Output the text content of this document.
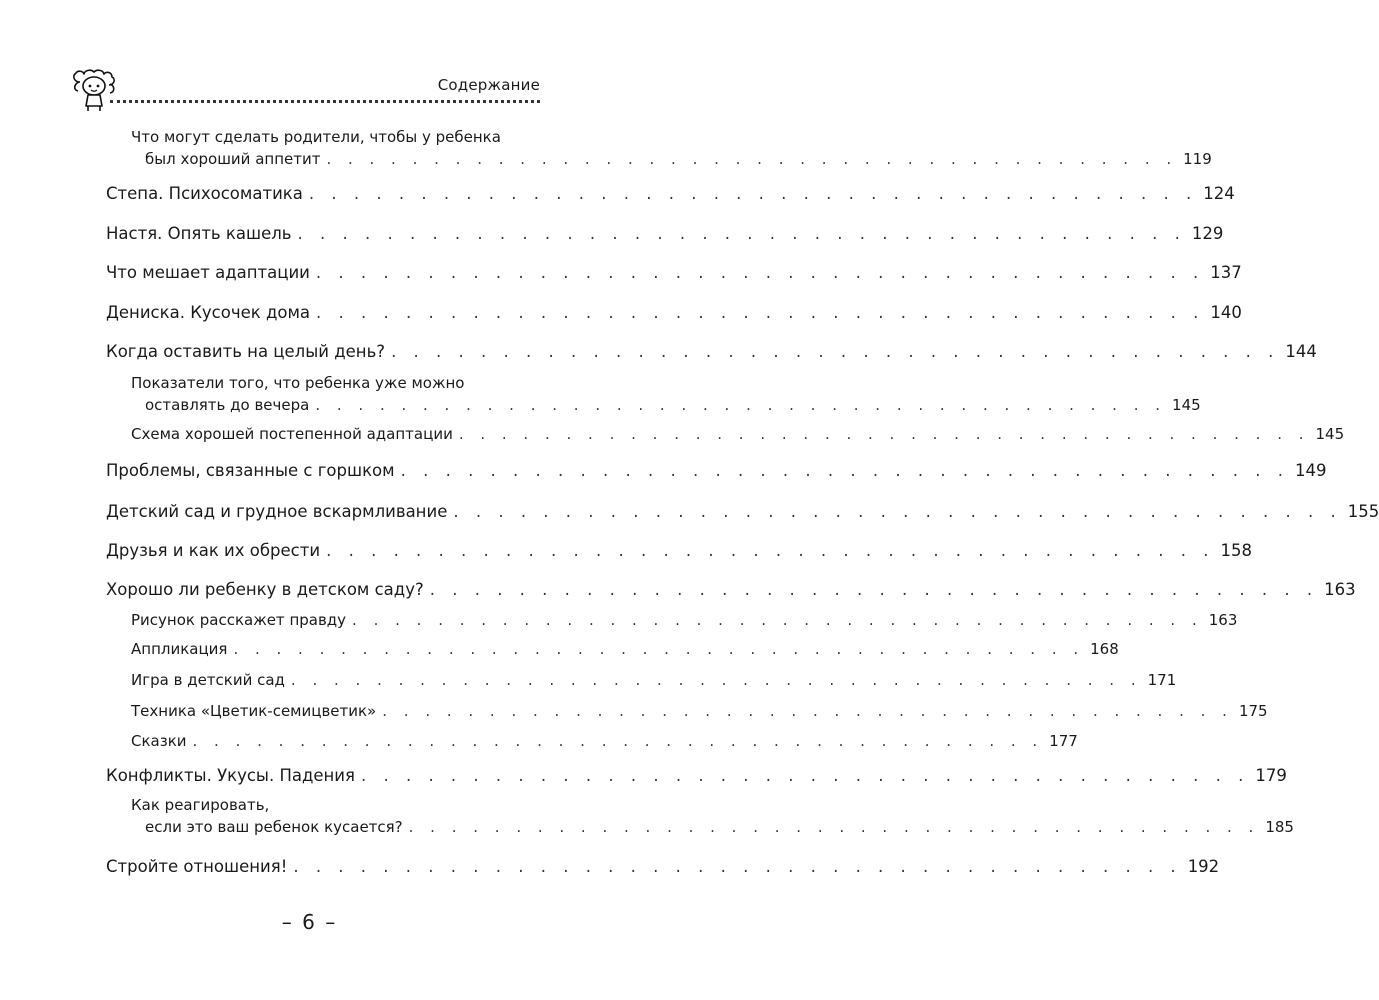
Содержание
Что могут сделать родители, чтобы у ребенка
был хороший аппетит . . . . . . . . . . . . . . . . . . . . . . . . . . . . . . . . . . . . . . . . 119
Степа. Психосоматика . . . . . . . . . . . . . . . . . . . . . . . . . . . . . . . . . . . . . . . . 124
Настя. Опять кашель . . . . . . . . . . . . . . . . . . . . . . . . . . . . . . . . . . . . . . . . 129
Что мешает адаптации . . . . . . . . . . . . . . . . . . . . . . . . . . . . . . . . . . . . . . . . 137
Дениска. Кусочек дома . . . . . . . . . . . . . . . . . . . . . . . . . . . . . . . . . . . . . . . . 140
Когда оставить на целый день? . . . . . . . . . . . . . . . . . . . . . . . . . . . . . . . . . . . . . . . . 144
Показатели того, что ребенка уже можно
оставлять до вечера . . . . . . . . . . . . . . . . . . . . . . . . . . . . . . . . . . . . . . . . 145
Схема хорошей постепенной адаптации . . . . . . . . . . . . . . . . . . . . . . . . . . . . . . . . . . . . . . . . 145
Проблемы, связанные с горшком . . . . . . . . . . . . . . . . . . . . . . . . . . . . . . . . . . . . . . . . 149
Детский сад и грудное вскармливание . . . . . . . . . . . . . . . . . . . . . . . . . . . . . . . . . . . . . . . . 155
Друзья и как их обрести . . . . . . . . . . . . . . . . . . . . . . . . . . . . . . . . . . . . . . . . 158
Хорошо ли ребенку в детском саду? . . . . . . . . . . . . . . . . . . . . . . . . . . . . . . . . . . . . . . . . 163
Рисунок расскажет правду . . . . . . . . . . . . . . . . . . . . . . . . . . . . . . . . . . . . . . . . 163
Аппликация . . . . . . . . . . . . . . . . . . . . . . . . . . . . . . . . . . . . . . . . 168
Игра в детский сад . . . . . . . . . . . . . . . . . . . . . . . . . . . . . . . . . . . . . . . . 171
Техника «Цветик-семицветик» . . . . . . . . . . . . . . . . . . . . . . . . . . . . . . . . . . . . . . . . 175
Сказки . . . . . . . . . . . . . . . . . . . . . . . . . . . . . . . . . . . . . . . . 177
Конфликты. Укусы. Падения . . . . . . . . . . . . . . . . . . . . . . . . . . . . . . . . . . . . . . . . 179
Как реагировать,
если это ваш ребенок кусается? . . . . . . . . . . . . . . . . . . . . . . . . . . . . . . . . . . . . . . . . 185
Стройте отношения! . . . . . . . . . . . . . . . . . . . . . . . . . . . . . . . . . . . . . . . . 192
– 6 –
